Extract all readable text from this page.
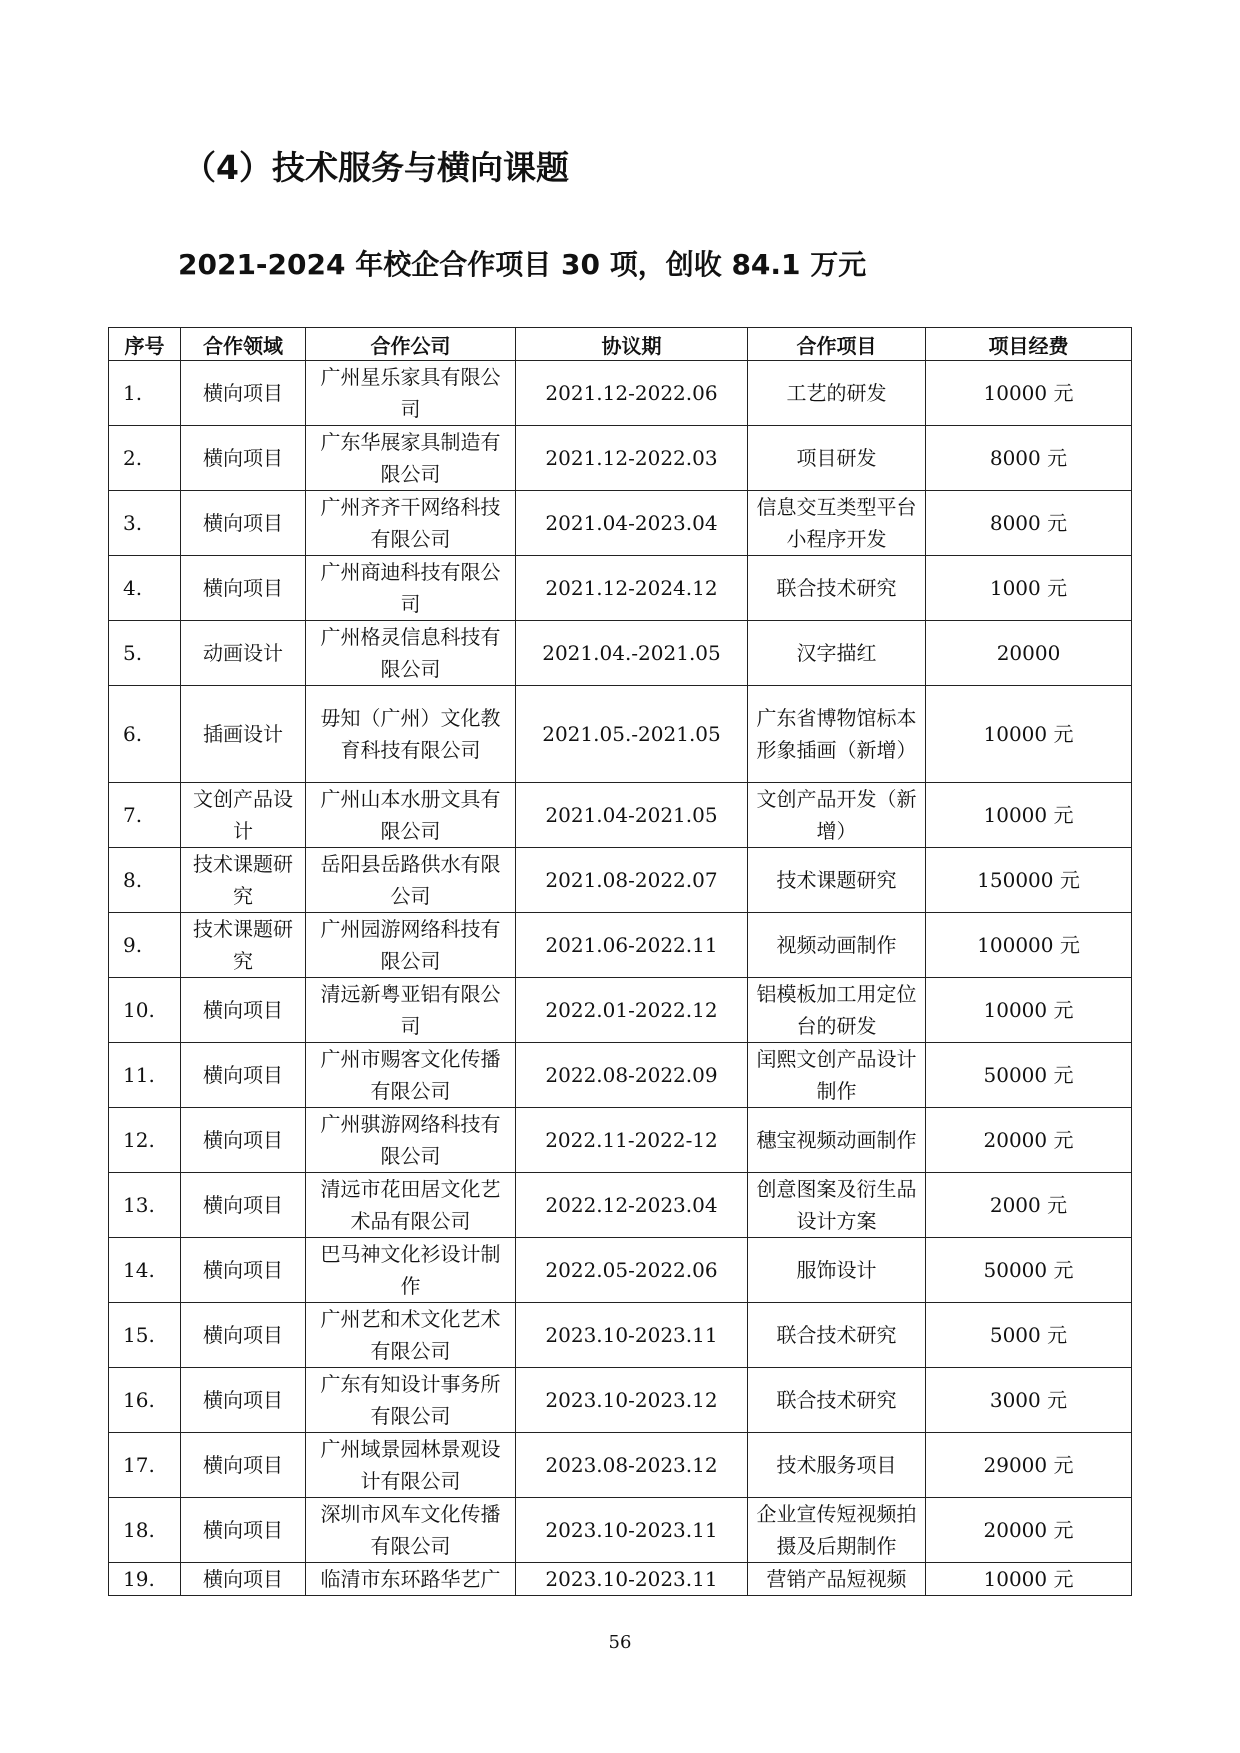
（4）技术服务与横向课题
2021-2024 年校企合作项目 30 项，创收 84.1 万元
序号	合作领域	合作公司	协议期	合作项目	项目经费
1.	横向项目	广州星乐家具有限公司	2021.12-2022.06	工艺的研发	10000 元
2.	横向项目	广东华展家具制造有限公司	2021.12-2022.03	项目研发	8000 元
3.	横向项目	广州齐齐干网络科技有限公司	2021.04-2023.04	信息交互类型平台小程序开发	8000 元
4.	横向项目	广州商迪科技有限公司	2021.12-2024.12	联合技术研究	1000 元
5.	动画设计	广州格灵信息科技有限公司	2021.04.-2021.05	汉字描红	20000
6.	插画设计	毋知（广州）文化教育科技有限公司	2021.05.-2021.05	广东省博物馆标本形象插画（新增）	10000 元
7.	文创产品设计	广州山本水册文具有限公司	2021.04-2021.05	文创产品开发（新增）	10000 元
8.	技术课题研究	岳阳县岳路供水有限公司	2021.08-2022.07	技术课题研究	150000 元
9.	技术课题研究	广州园游网络科技有限公司	2021.06-2022.11	视频动画制作	100000 元
10.	横向项目	清远新粤亚铝有限公司	2022.01-2022.12	铝模板加工用定位台的研发	10000 元
11.	横向项目	广州市赐客文化传播有限公司	2022.08-2022.09	闰熙文创产品设计制作	50000 元
12.	横向项目	广州骐游网络科技有限公司	2022.11-2022-12	穗宝视频动画制作	20000 元
13.	横向项目	清远市花田居文化艺术品有限公司	2022.12-2023.04	创意图案及衍生品设计方案	2000 元
14.	横向项目	巴马神文化衫设计制作	2022.05-2022.06	服饰设计	50000 元
15.	横向项目	广州艺和术文化艺术有限公司	2023.10-2023.11	联合技术研究	5000 元
16.	横向项目	广东有知设计事务所有限公司	2023.10-2023.12	联合技术研究	3000 元
17.	横向项目	广州域景园林景观设计有限公司	2023.08-2023.12	技术服务项目	29000 元
18.	横向项目	深圳市风车文化传播有限公司	2023.10-2023.11	企业宣传短视频拍摄及后期制作	20000 元
19.	横向项目	临清市东环路华艺广	2023.10-2023.11	营销产品短视频	10000 元
56
